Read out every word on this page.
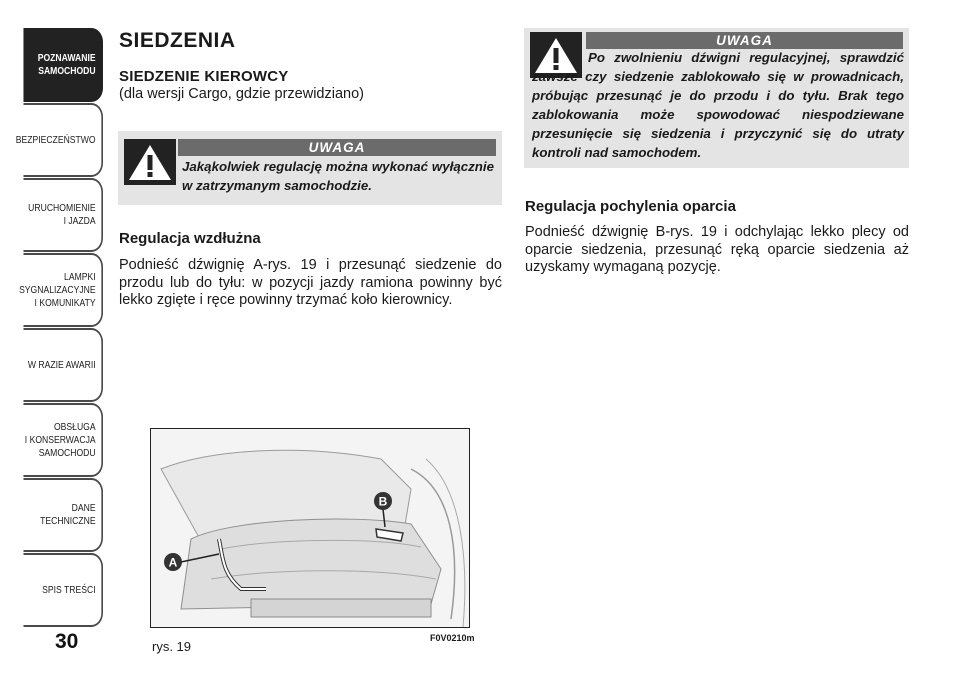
POZNAWANIE
SAMOCHODU
BEZPIECZEŃSTWO
URUCHOMIENIE
I JAZDA
LAMPKI
SYGNALIZACYJNE
I KOMUNIKATY
W RAZIE AWARII
OBSŁUGA
I KONSERWACJA
SAMOCHODU
DANE
TECHNICZNE
SPIS TREŚCI
30
SIEDZENIA
SIEDZENIE KIEROWCY
(dla wersji Cargo, gdzie przewidziano)
UWAGA
Jakąkolwiek regulację można wykonać wyłącznie w zatrzymanym samochodzie.
Regulacja wzdłużna
Podnieść dźwignię A-rys. 19 i przesunąć siedzenie do przodu lub do tyłu: w pozycji jazdy ramiona powinny być lekko zgięte i ręce powinny trzymać koło kierownicy.
A
B
rys. 19
F0V0210m
UWAGA
Po zwolnieniu dźwigni regulacyjnej, sprawdzić zawsze czy siedzenie zablokowało się w prowadnicach, próbując przesunąć je do przodu i do tyłu. Brak tego zablokowania może spowodować niespodziewane przesunięcie się siedzenia i przyczynić się do utraty kontroli nad samochodem.
Regulacja pochylenia oparcia
Podnieść dźwignię B-rys. 19 i odchylając lekko plecy od oparcie siedzenia, przesunąć ręką oparcie siedzenia aż uzyskamy wymaganą pozycję.
